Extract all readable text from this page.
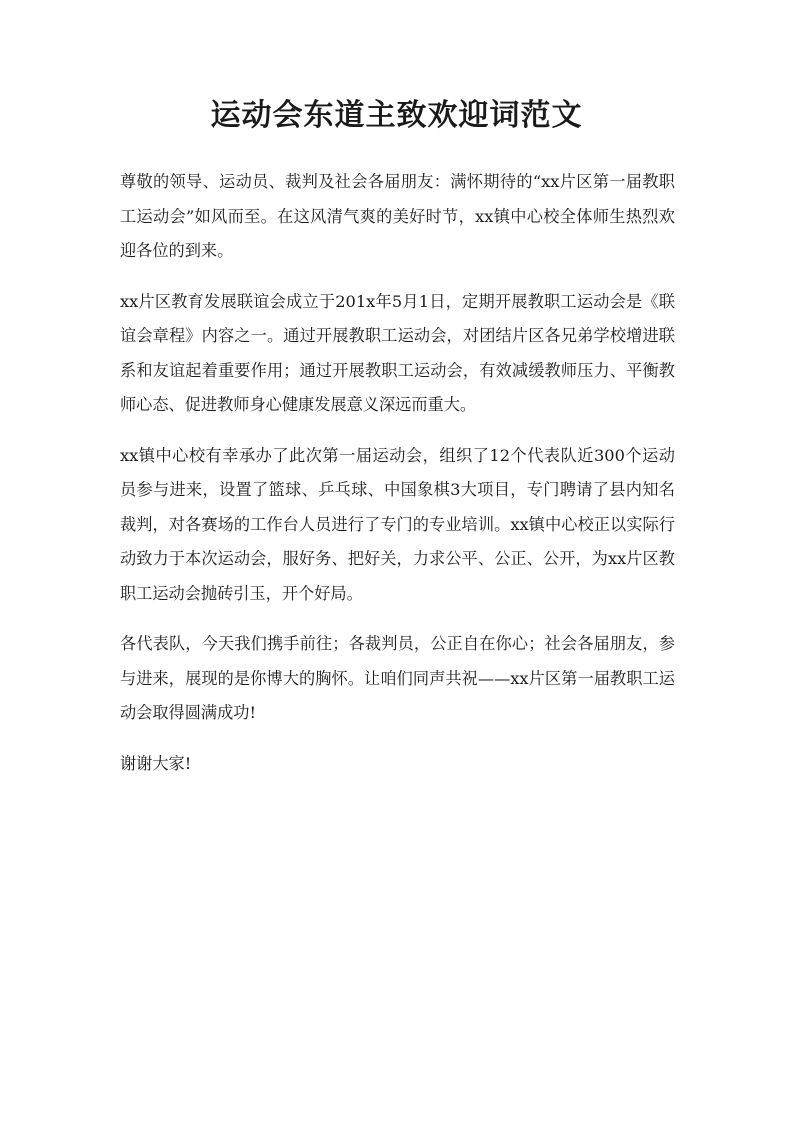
运动会东道主致欢迎词范文

尊敬的领导、运动员、裁判及社会各届朋友：满怀期待的“xx片区第一届教职工运动会”如风而至。在这风清气爽的美好时节，xx镇中心校全体师生热烈欢迎各位的到来。

xx片区教育发展联谊会成立于201x年5月1日，定期开展教职工运动会是《联谊会章程》内容之一。通过开展教职工运动会，对团结片区各兄弟学校增进联系和友谊起着重要作用；通过开展教职工运动会，有效减缓教师压力、平衡教师心态、促进教师身心健康发展意义深远而重大。

xx镇中心校有幸承办了此次第一届运动会，组织了12个代表队近300个运动员参与进来，设置了篮球、乒乓球、中国象棋3大项目，专门聘请了县内知名裁判，对各赛场的工作台人员进行了专门的专业培训。xx镇中心校正以实际行动致力于本次运动会，服好务、把好关，力求公平、公正、公开，为xx片区教职工运动会抛砖引玉，开个好局。

各代表队，今天我们携手前往；各裁判员，公正自在你心；社会各届朋友，参与进来，展现的是你博大的胸怀。让咱们同声共祝——xx片区第一届教职工运动会取得圆满成功!

谢谢大家!
